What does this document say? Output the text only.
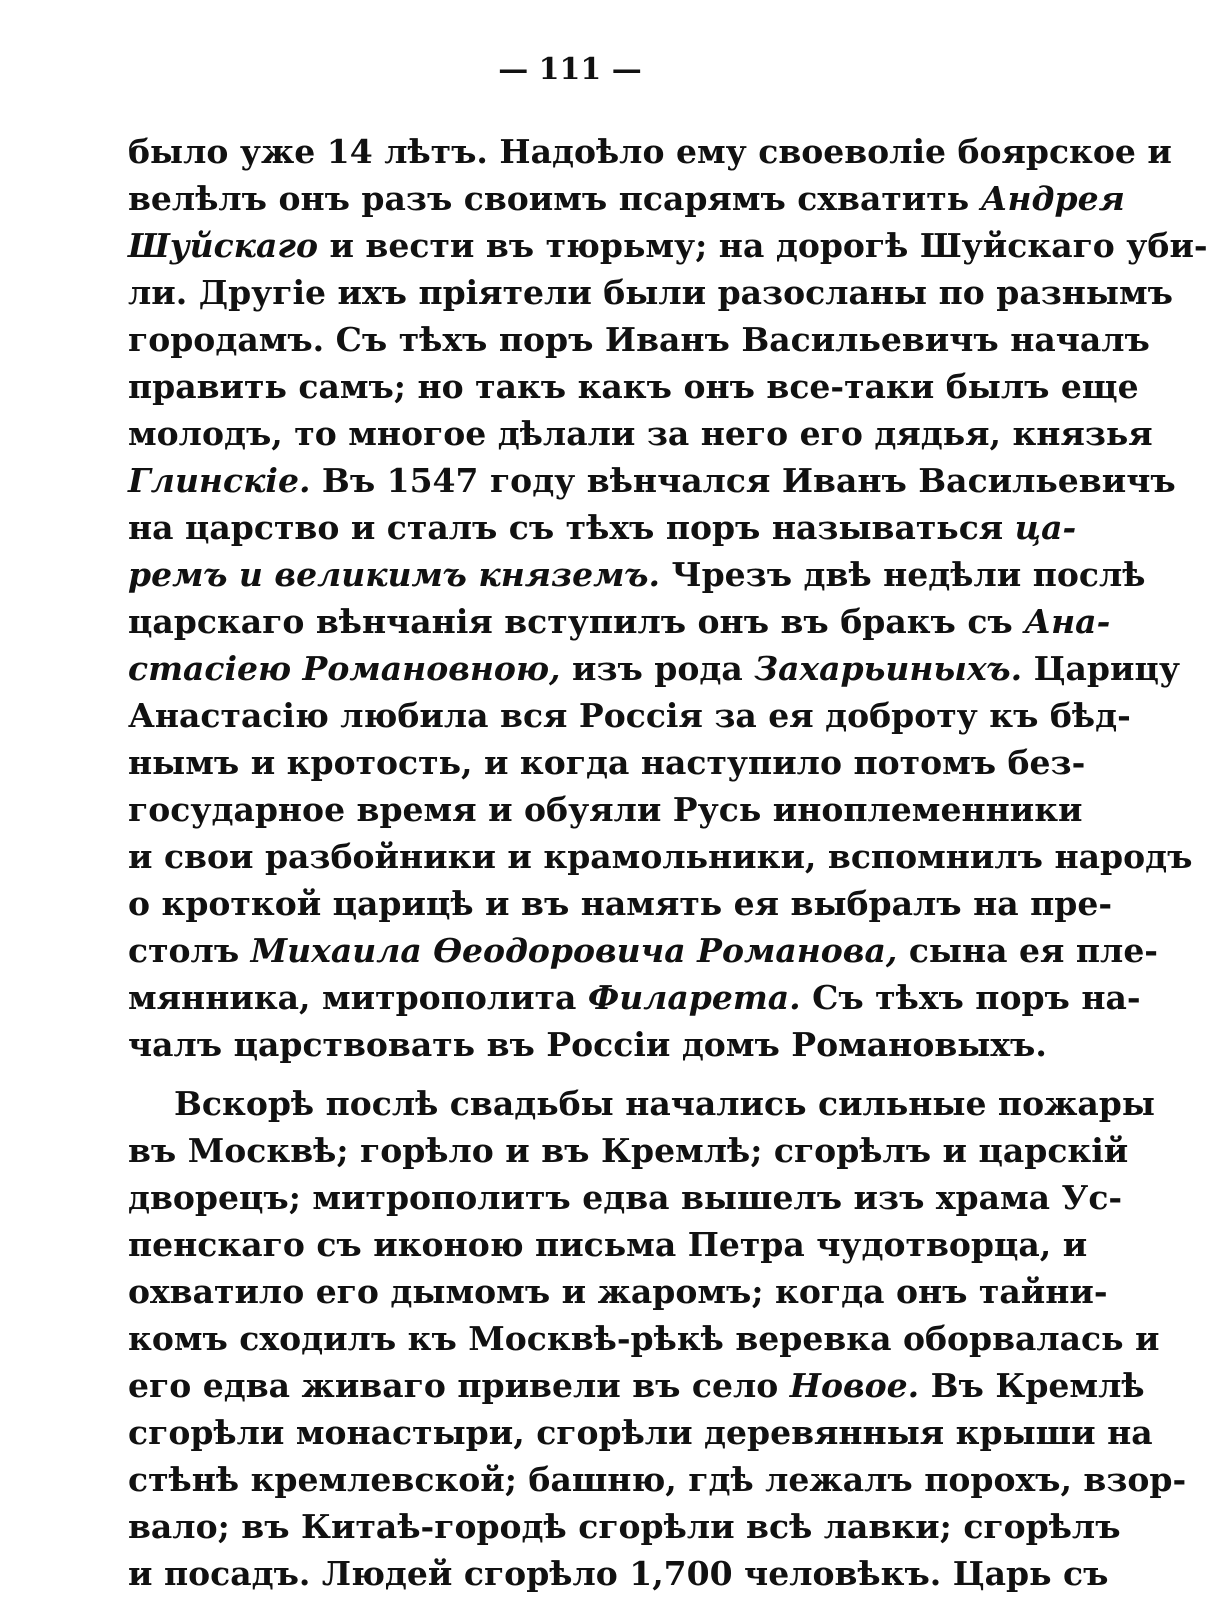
— 111 —
было уже 14 лѣтъ. Надоѣло ему своеволіе боярское и
велѣлъ онъ разъ своимъ псарямъ схватить Андрея
Шуйскаго и вести въ тюрьму; на дорогѣ Шуйскаго уби-
ли. Другіе ихъ пріятели были разосланы по разнымъ
городамъ. Съ тѣхъ поръ Иванъ Васильевичъ началъ
править самъ; но такъ какъ онъ все-таки былъ еще
молодъ, то многое дѣлали за него его дядья, князья
Глинскіе. Въ 1547 году вѣнчался Иванъ Васильевичъ
на царство и сталъ съ тѣхъ поръ называться ца-
ремъ и великимъ княземъ. Чрезъ двѣ недѣли послѣ
царскаго вѣнчанія вступилъ онъ въ бракъ съ Ана-
стасіею Романовною, изъ рода Захарьиныхъ. Царицу
Анастасію любила вся Россія за ея доброту къ бѣд-
нымъ и кротость, и когда наступило потомъ без-
государное время и обуяли Русь иноплеменники
и свои разбойники и крамольники, вспомнилъ народъ
о кроткой царицѣ и въ намять ея выбралъ на пре-
столъ Михаила Ѳеодоровича Романова, сына ея пле-
мянника, митрополита Филарета. Съ тѣхъ поръ на-
чалъ царствовать въ Россіи домъ Романовыхъ.
Вскорѣ послѣ свадьбы начались сильные пожары
въ Москвѣ; горѣло и въ Кремлѣ; сгорѣлъ и царскій
дворецъ; митрополитъ едва вышелъ изъ храма Ус-
пенскаго съ иконою письма Петра чудотворца, и
охватило его дымомъ и жаромъ; когда онъ тайни-
комъ сходилъ къ Москвѣ-рѣкѣ веревка оборвалась и
его едва живаго привели въ село Новое. Въ Кремлѣ
сгорѣли монастыри, сгорѣли деревянныя крыши на
стѣнѣ кремлевской; башню, гдѣ лежалъ порохъ, взор-
вало; въ Китаѣ-городѣ сгорѣли всѣ лавки; сгорѣлъ
и посадъ. Людей сгорѣло 1,700 человѣкъ. Царь съ
